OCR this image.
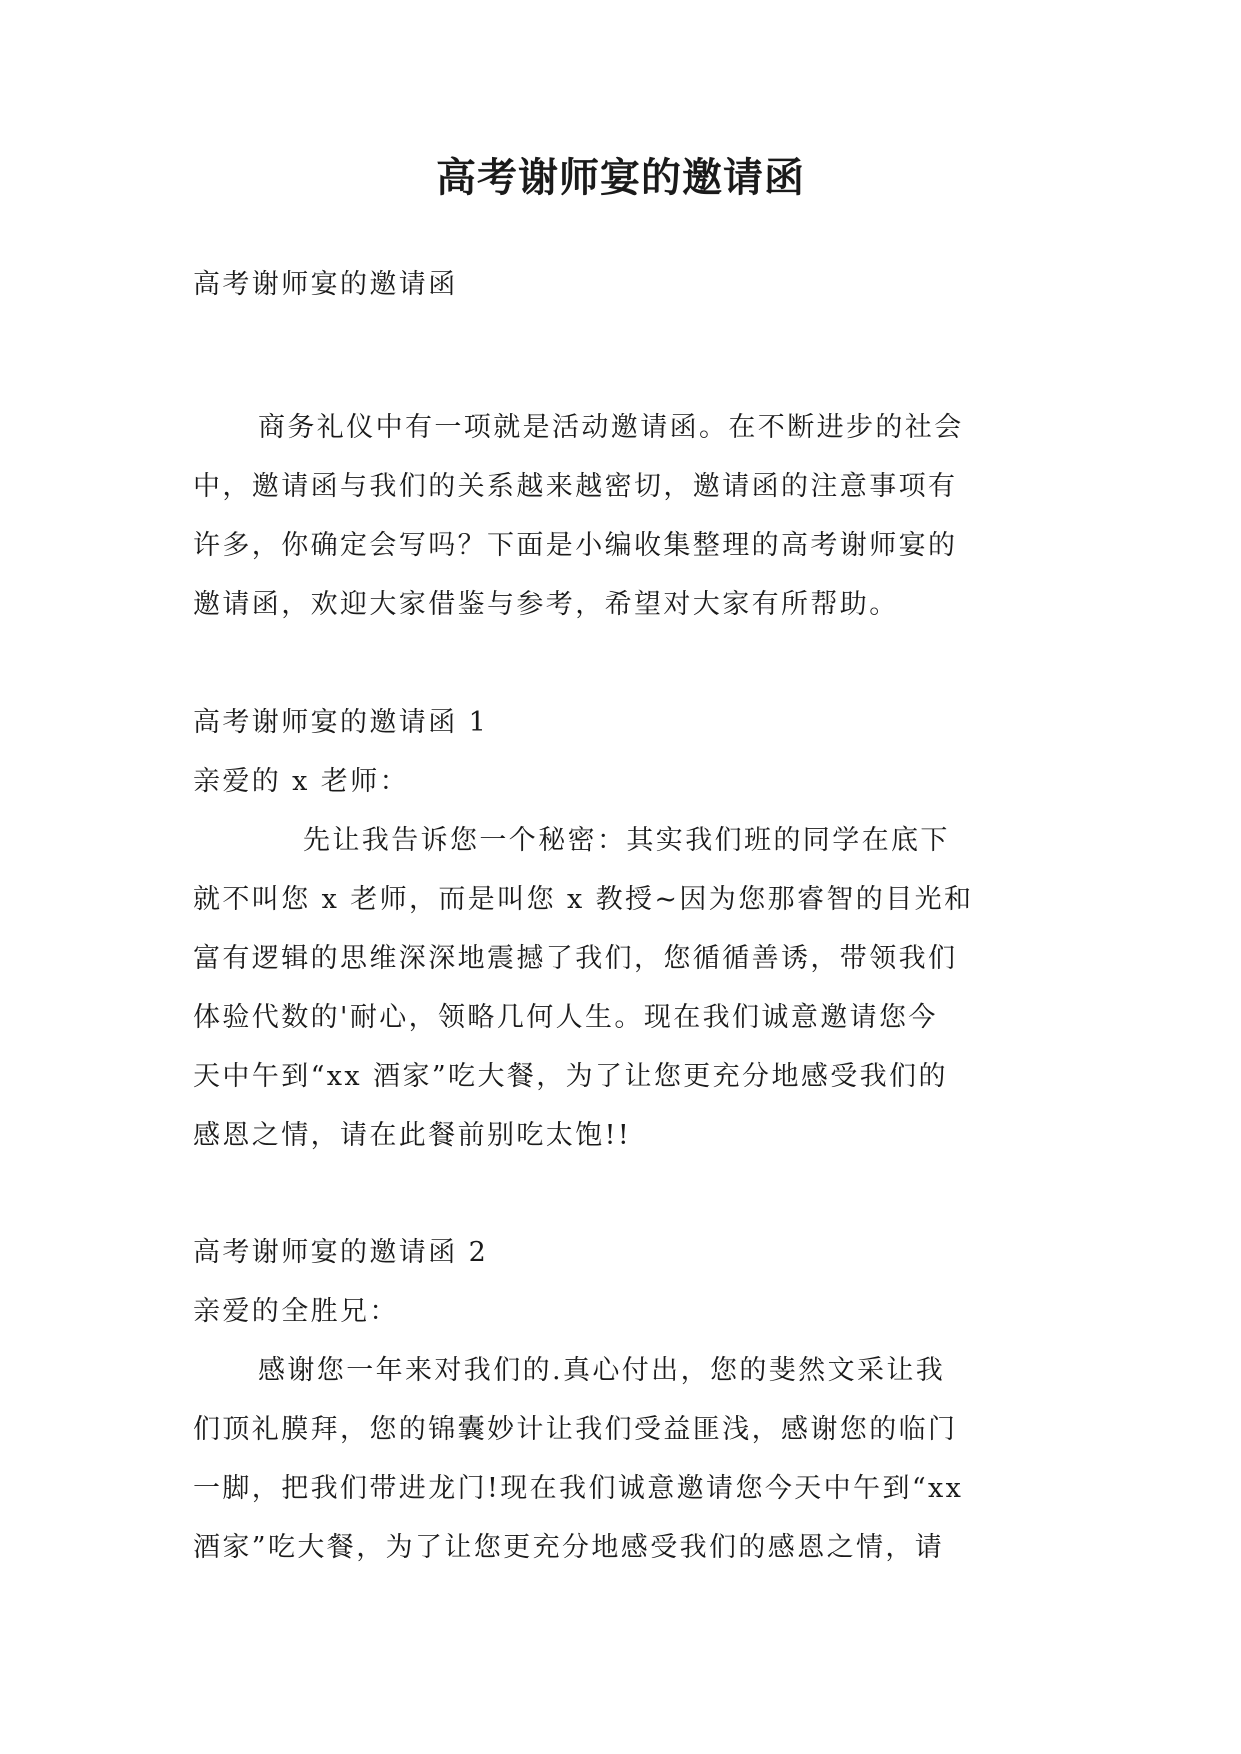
高考谢师宴的邀请函
高考谢师宴的邀请函
商务礼仪中有一项就是活动邀请函。在不断进步的社会
中，邀请函与我们的关系越来越密切，邀请函的注意事项有
许多，你确定会写吗？下面是小编收集整理的高考谢师宴的
邀请函，欢迎大家借鉴与参考，希望对大家有所帮助。
高考谢师宴的邀请函 1
亲爱的 x 老师：
先让我告诉您一个秘密：其实我们班的同学在底下
就不叫您 x 老师，而是叫您 x 教授~因为您那睿智的目光和
富有逻辑的思维深深地震撼了我们，您循循善诱，带领我们
体验代数的'耐心，领略几何人生。现在我们诚意邀请您今
天中午到“xx 酒家”吃大餐，为了让您更充分地感受我们的
感恩之情，请在此餐前别吃太饱!!
高考谢师宴的邀请函 2
亲爱的全胜兄：
感谢您一年来对我们的.真心付出，您的斐然文采让我
们顶礼膜拜，您的锦囊妙计让我们受益匪浅，感谢您的临门
一脚，把我们带进龙门!现在我们诚意邀请您今天中午到“xx
酒家”吃大餐，为了让您更充分地感受我们的感恩之情，请
